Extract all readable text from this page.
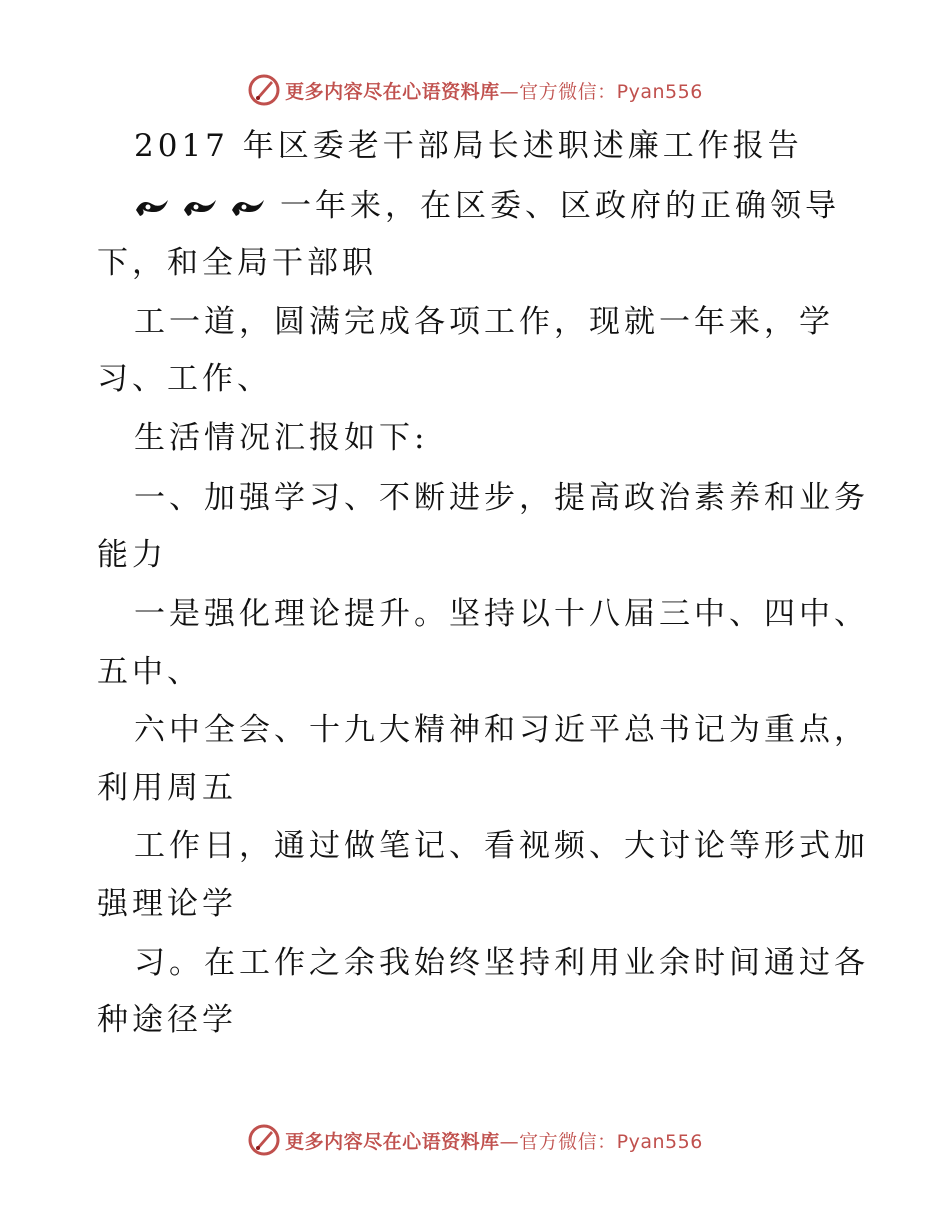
更多内容尽在心语资料库 —官方微信：Pyan556
2017 年区委老干部局长述职述廉工作报告
一年来，在区委、区政府的正确领导
下，和全局干部职
工一道，圆满完成各项工作，现就一年来，学
习、工作、
生活情况汇报如下:
一、加强学习、不断进步，提高政治素养和业务
能力
一是强化理论提升。坚持以十八届三中、四中、
五中、
六中全会、十九大精神和习近平总书记为重点，
利用周五
工作日，通过做笔记、看视频、大讨论等形式加
强理论学
习。在工作之余我始终坚持利用业余时间通过各
种途径学
更多内容尽在心语资料库 —官方微信：Pyan556
